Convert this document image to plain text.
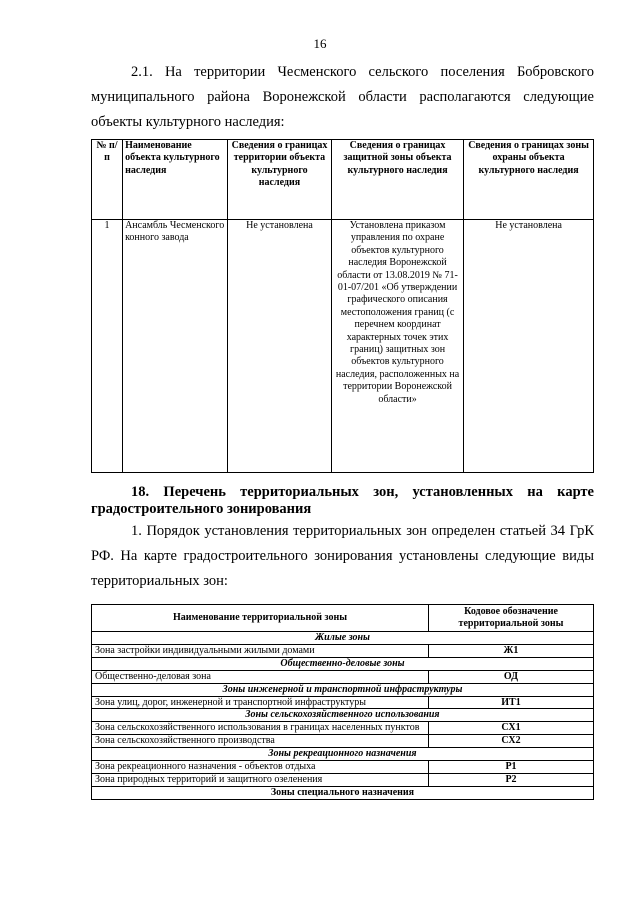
16

2.1. На территории Чесменского сельского поселения Бобровского муниципального района Воронежской области располагаются следующие объекты культурного наследия:

№ п/п	Наименование объекта культурного наследия	Сведения о границах территории объекта культурного наследия	Сведения о границах защитной зоны объекта культурного наследия	Сведения о границах зоны охраны объекта культурного наследия
1	Ансамбль Чесменского конного завода	Не установлена	Установлена приказом управления по охране объектов культурного наследия Воронежской области от 13.08.2019 № 71-01-07/201 «Об утверждении графического описания местоположения границ (с перечнем координат характерных точек этих границ) защитных зон объектов культурного наследия, расположенных на территории Воронежской области»	Не установлена
18. Перечень территориальных зон, установленных на карте градостроительного зонирования

1. Порядок установления территориальных зон определен статьей 34 ГрК РФ. На карте градостроительного зонирования установлены следующие виды территориальных зон:

Наименование территориальной зоны	Кодовое обозначение территориальной зоны
Жилые зоны	
Зона застройки индивидуальными жилыми домами	Ж1
Общественно-деловые зоны	
Общественно-деловая зона	ОД
Зоны инженерной и транспортной инфраструктуры	
Зона улиц, дорог, инженерной и транспортной инфраструктуры	ИТ1
Зоны сельскохозяйственного использования	
Зона сельскохозяйственного использования в границах населенных пунктов	СХ1
Зона сельскохозяйственного производства	СХ2
Зоны рекреационного назначения	
Зона рекреационного назначения - объектов отдыха	Р1
Зона природных территорий и защитного озеленения	Р2
Зоны специального назначения	
